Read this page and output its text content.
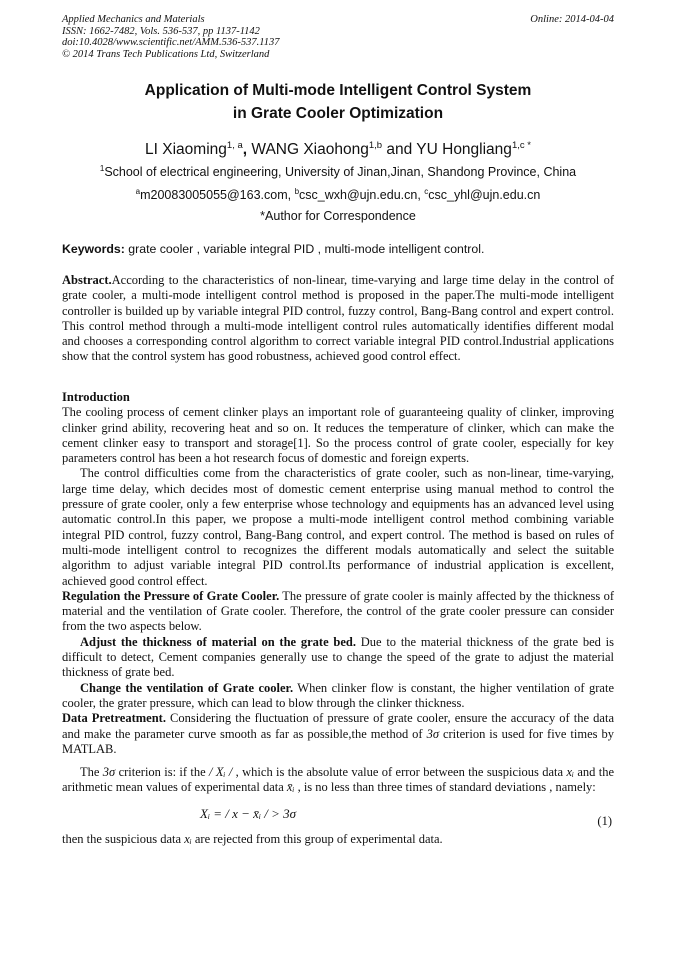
Applied Mechanics and Materials
ISSN: 1662-7482, Vols. 536-537, pp 1137-1142
doi:10.4028/www.scientific.net/AMM.536-537.1137
© 2014 Trans Tech Publications Ltd, Switzerland
Online: 2014-04-04
Application of Multi-mode Intelligent Control System
in Grate Cooler Optimization
LI Xiaoming$^{1, a}$, WANG Xiaohong$^{1,b}$ and YU Hongliang$^{1,c *}$
$^1$School of electrical engineering, University of Jinan,Jinan, Shandong Province, China
$^a$m20083005055@163.com, $^b$csc_wxh@ujn.edu.cn, $^c$csc_yhl@ujn.edu.cn
*Author for Correspondence
Keywords: grate cooler , variable integral PID , multi-mode intelligent control.

Abstract.According to the characteristics of non-linear, time-varying and large time delay in the control of grate cooler, a multi-mode intelligent control method is proposed in the paper.The multi-mode intelligent controller is builded up by variable integral PID control, fuzzy control, Bang-Bang control and expert control. This control method through a multi-mode intelligent control rules automatically identifies different modal and chooses a corresponding control algorithm to correct variable integral PID control.Industrial applications show that the control system has good robustness, achieved good control effect.

Introduction

The cooling process of cement clinker plays an important role of guaranteeing quality of clinker, improving clinker grind ability, recovering heat and so on. It reduces the temperature of clinker, which can make the cement clinker easy to transport and storage[1]. So the process control of grate cooler, especially for key parameters control has been a hot research focus of domestic and foreign experts.

The control difficulties come from the characteristics of grate cooler, such as non-linear, time-varying, large time delay, which decides most of domestic cement enterprise using manual method to control the pressure of grate cooler, only a few enterprise whose technology and equipments has an advanced level using automatic control.In this paper, we propose a multi-mode intelligent control method combining variable integral PID control, fuzzy control, Bang-Bang control, and expert control. The method is based on rules of multi-mode intelligent control to recognizes the different modals automatically and select the suitable algorithm to adjust variable integral PID control.Its performance of industrial application is excellent, achieved good control effect.

Regulation the Pressure of Grate Cooler. The pressure of grate cooler is mainly affected by the thickness of material and the ventilation of Grate cooler. Therefore, the control of the grate cooler pressure can consider from the two aspects below.

Adjust the thickness of material on the grate bed. Due to the material thickness of the grate bed is difficult to detect, Cement companies generally use to change the speed of the grate to adjust the material thickness of grate bed.

Change the ventilation of Grate cooler. When clinker flow is constant, the higher ventilation of grate cooler, the grater pressure, which can lead to blow through the clinker thickness.

Data Pretreatment. Considering the fluctuation of pressure of grate cooler, ensure the accuracy of the data and make the parameter curve smooth as far as possible,the method of 3σ criterion is used for five times by MATLAB.

The 3σ criterion is: if the / Xᵢ / , which is the absolute value of error between the suspicious data xᵢ and the arithmetic mean values of experimental data x̄ᵢ , is no less than three times of standard deviations , namely:

Xᵢ = / x − x̄ᵢ / > 3σ	(1)

then the suspicious data xᵢ are rejected from this group of experimental data.
